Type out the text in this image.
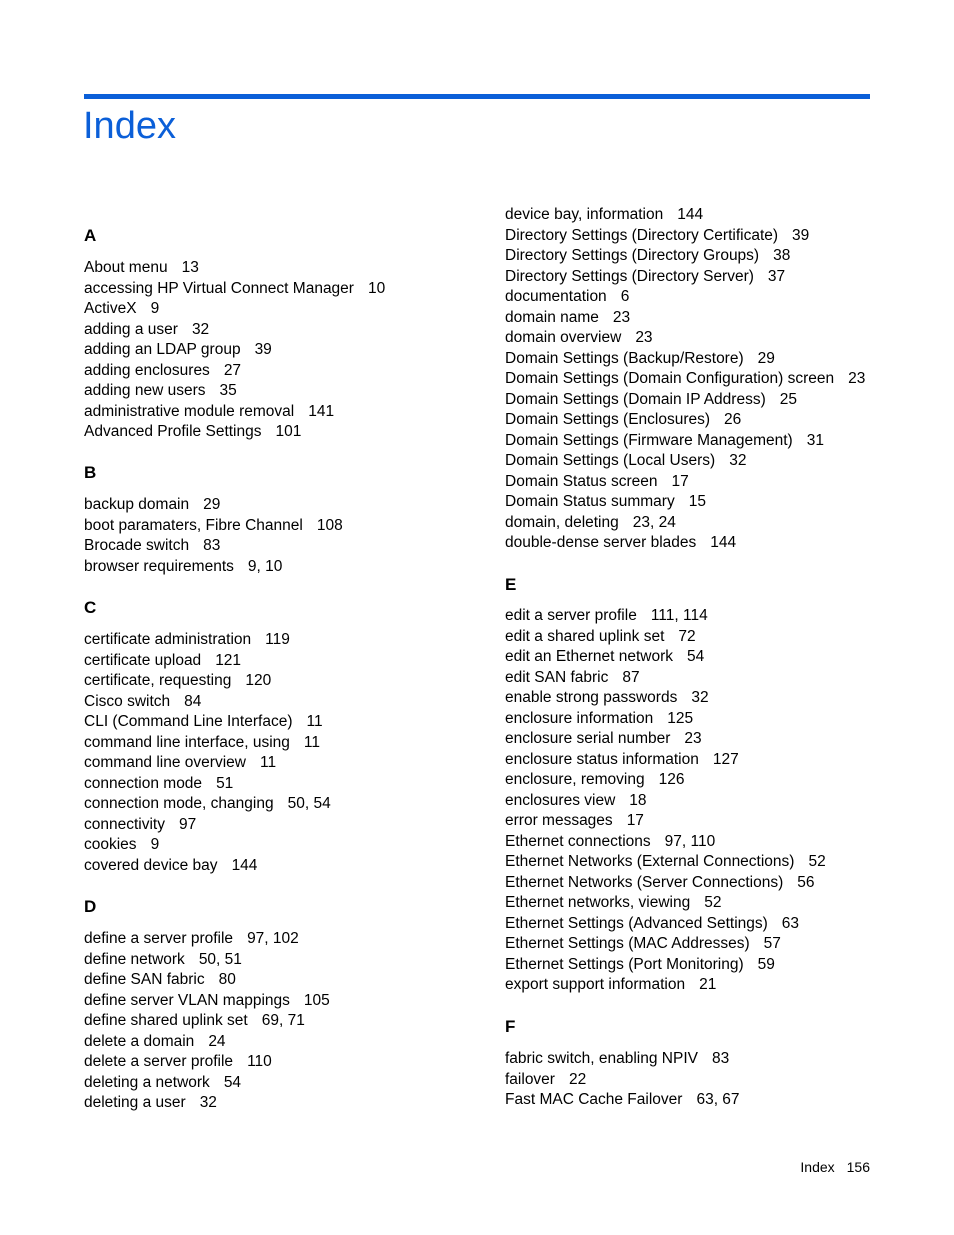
Index
A
About menu 13
accessing HP Virtual Connect Manager 10
ActiveX 9
adding a user 32
adding an LDAP group 39
adding enclosures 27
adding new users 35
administrative module removal 141
Advanced Profile Settings 101
B
backup domain 29
boot paramaters, Fibre Channel 108
Brocade switch 83
browser requirements 9, 10
C
certificate administration 119
certificate upload 121
certificate, requesting 120
Cisco switch 84
CLI (Command Line Interface) 11
command line interface, using 11
command line overview 11
connection mode 51
connection mode, changing 50, 54
connectivity 97
cookies 9
covered device bay 144
D
define a server profile 97, 102
define network 50, 51
define SAN fabric 80
define server VLAN mappings 105
define shared uplink set 69, 71
delete a domain 24
delete a server profile 110
deleting a network 54
deleting a user 32
device bay, information 144
Directory Settings (Directory Certificate) 39
Directory Settings (Directory Groups) 38
Directory Settings (Directory Server) 37
documentation 6
domain name 23
domain overview 23
Domain Settings (Backup/Restore) 29
Domain Settings (Domain Configuration) screen 23
Domain Settings (Domain IP Address) 25
Domain Settings (Enclosures) 26
Domain Settings (Firmware Management) 31
Domain Settings (Local Users) 32
Domain Status screen 17
Domain Status summary 15
domain, deleting 23, 24
double-dense server blades 144
E
edit a server profile 111, 114
edit a shared uplink set 72
edit an Ethernet network 54
edit SAN fabric 87
enable strong passwords 32
enclosure information 125
enclosure serial number 23
enclosure status information 127
enclosure, removing 126
enclosures view 18
error messages 17
Ethernet connections 97, 110
Ethernet Networks (External Connections) 52
Ethernet Networks (Server Connections) 56
Ethernet networks, viewing 52
Ethernet Settings (Advanced Settings) 63
Ethernet Settings (MAC Addresses) 57
Ethernet Settings (Port Monitoring) 59
export support information 21
F
fabric switch, enabling NPIV 83
failover 22
Fast MAC Cache Failover 63, 67
Index 156
